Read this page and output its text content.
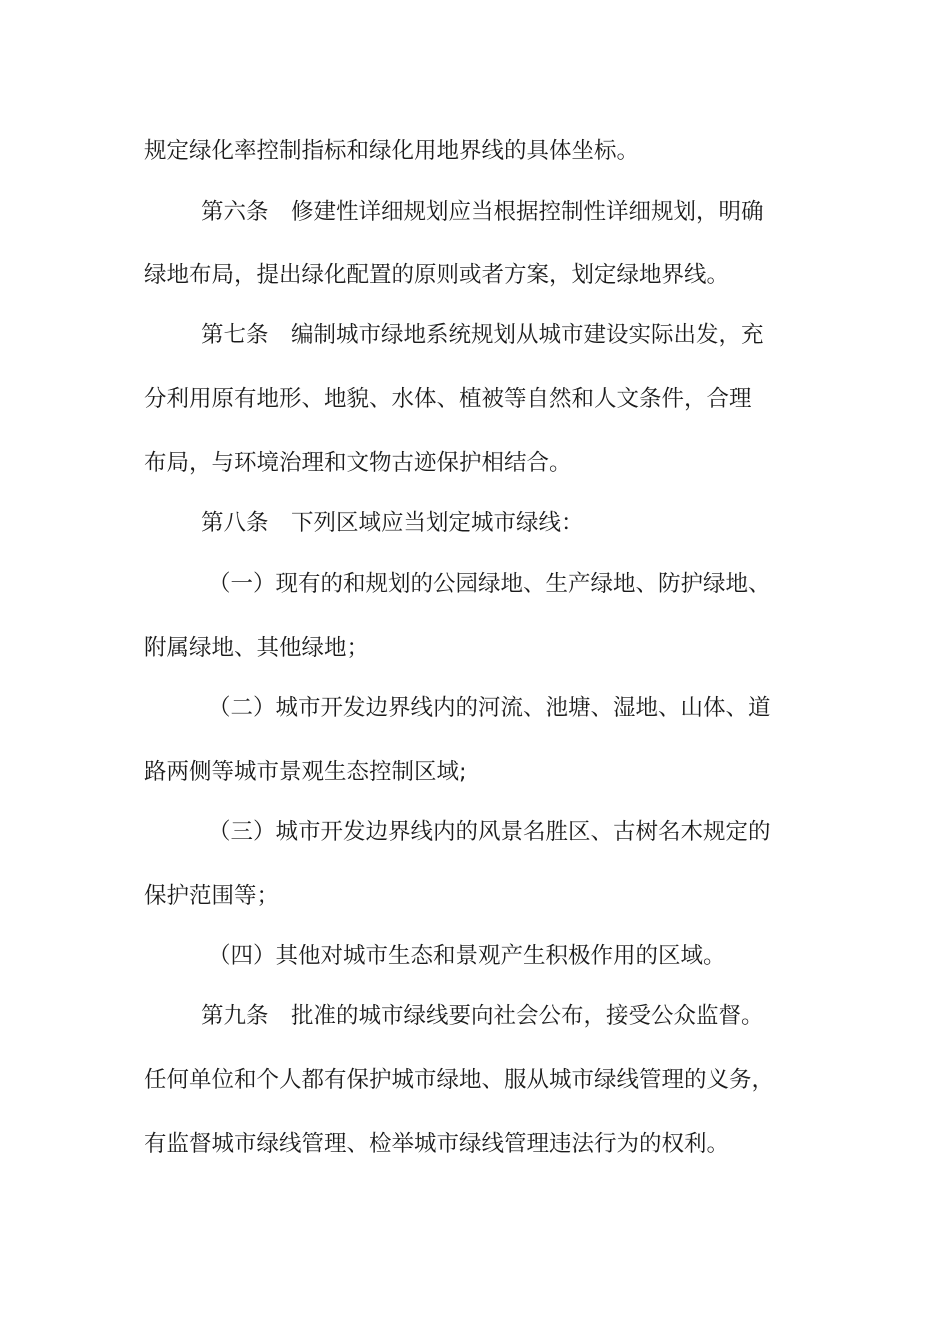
规定绿化率控制指标和绿化用地界线的具体坐标。
第六条　修建性详细规划应当根据控制性详细规划，明确
绿地布局，提出绿化配置的原则或者方案，划定绿地界线。
第七条　编制城市绿地系统规划从城市建设实际出发，充
分利用原有地形、地貌、水体、植被等自然和人文条件，合理
布局，与环境治理和文物古迹保护相结合。
第八条　下列区域应当划定城市绿线：
（一）现有的和规划的公园绿地、生产绿地、防护绿地、
附属绿地、其他绿地；
（二）城市开发边界线内的河流、池塘、湿地、山体、道
路两侧等城市景观生态控制区域;
（三）城市开发边界线内的风景名胜区、古树名木规定的
保护范围等；
（四）其他对城市生态和景观产生积极作用的区域。
第九条　批准的城市绿线要向社会公布，接受公众监督。
任何单位和个人都有保护城市绿地、服从城市绿线管理的义务，
有监督城市绿线管理、检举城市绿线管理违法行为的权利。
